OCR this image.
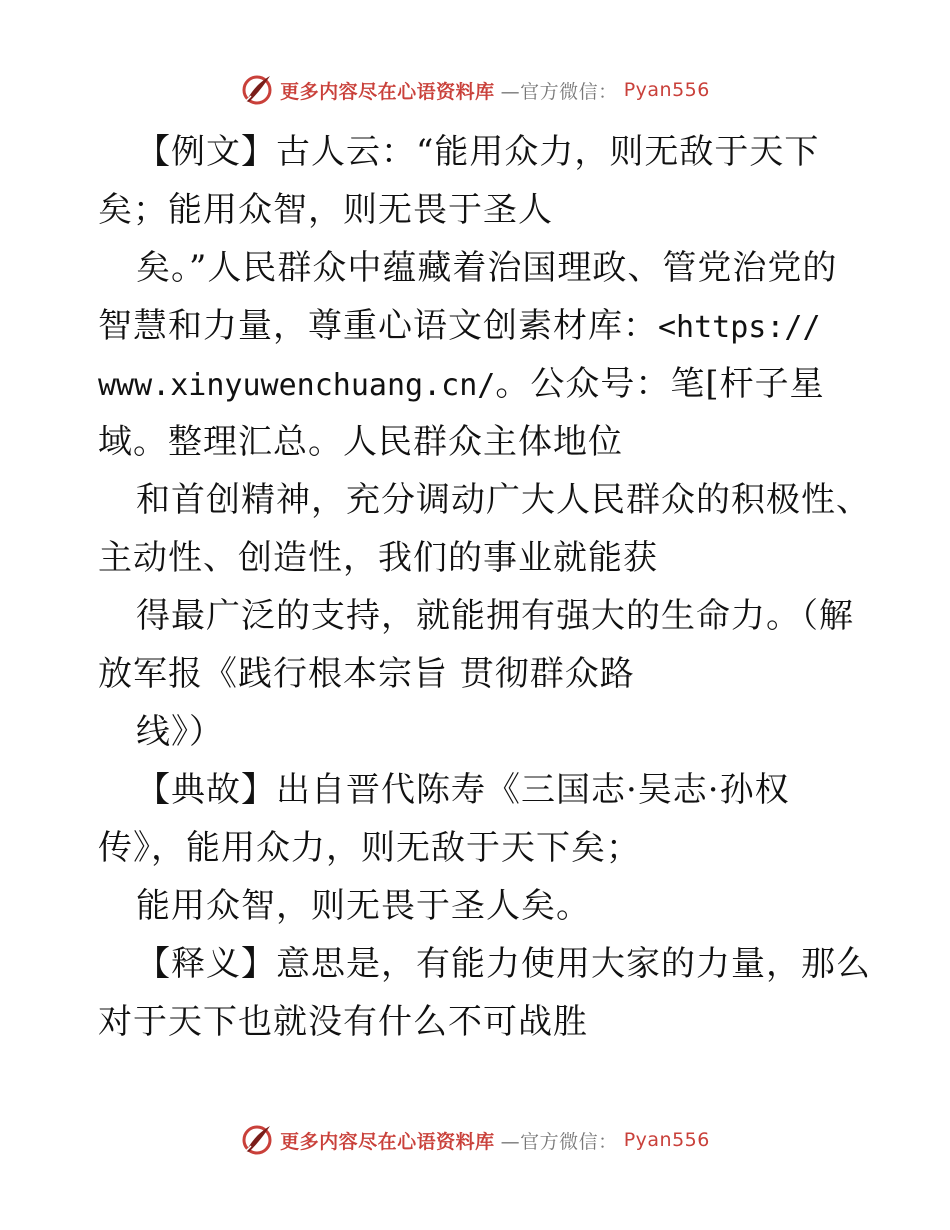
更多内容尽在心语资料库 —官方微信： Pyan556
【例文】古人云：“能用众力，则无敌于天下
矣；能用众智，则无畏于圣人
矣。”人民群众中蕴藏着治国理政、管党治党的
智慧和力量，尊重心语文创素材库：<https://
www.xinyuwenchuang.cn/。公众号：笔[杆子星
域。整理汇总。人民群众主体地位
和首创精神，充分调动广大人民群众的积极性、
主动性、创造性，我们的事业就能获
得最广泛的支持，就能拥有强大的生命力。（解
放军报《践行根本宗旨 贯彻群众路
线》）
【典故】出自晋代陈寿《三国志·吴志·孙权
传》，能用众力，则无敌于天下矣；
能用众智，则无畏于圣人矣。
【释义】意思是，有能力使用大家的力量，那么
对于天下也就没有什么不可战胜
更多内容尽在心语资料库 —官方微信： Pyan556
